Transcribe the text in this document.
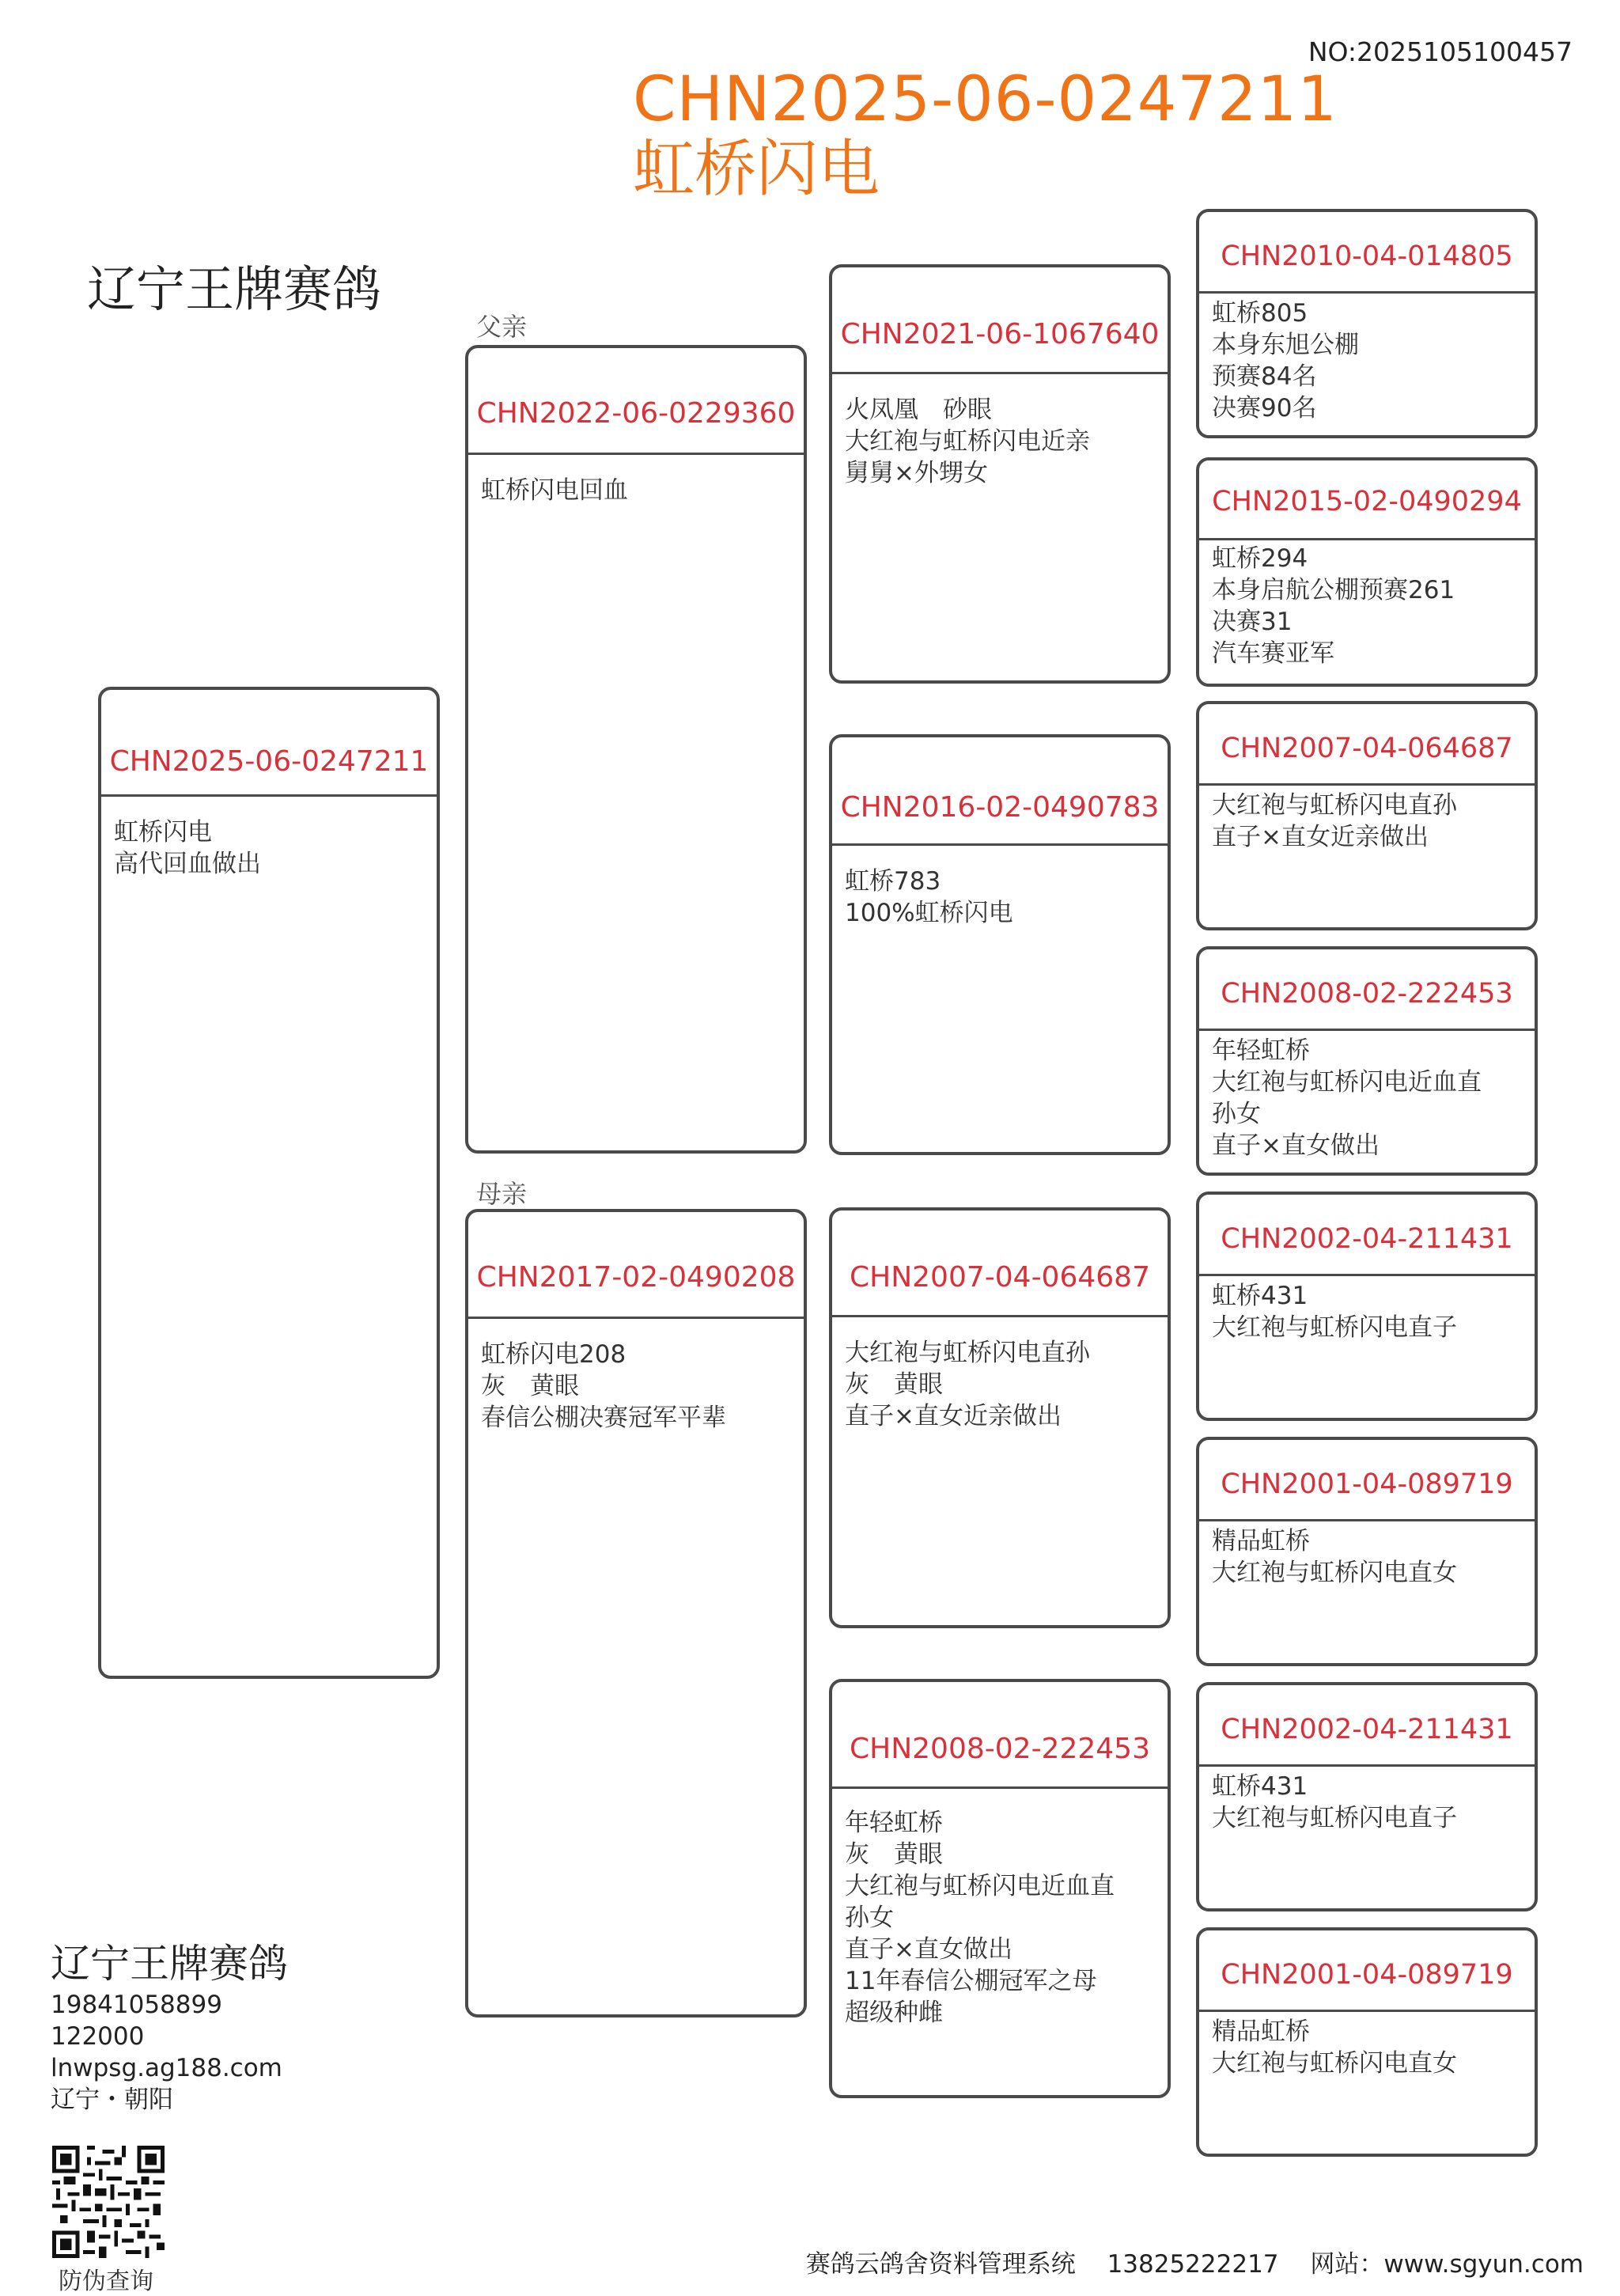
NO:2025105100457
CHN2025-06-0247211
虹桥闪电
辽宁王牌赛鸽
父亲
母亲
CHN2025-06-0247211
虹桥闪电
高代回血做出
CHN2022-06-0229360
虹桥闪电回血
CHN2017-02-0490208
虹桥闪电208
灰　黄眼
春信公棚决赛冠军平辈
CHN2021-06-1067640
火凤凰　砂眼
大红袍与虹桥闪电近亲
舅舅×外甥女
CHN2016-02-0490783
虹桥783
100%虹桥闪电
CHN2007-04-064687
大红袍与虹桥闪电直孙
灰　黄眼
直子×直女近亲做出
CHN2008-02-222453
年轻虹桥
灰　黄眼
大红袍与虹桥闪电近血直
孙女
直子×直女做出
11年春信公棚冠军之母
超级种雌
CHN2010-04-014805
虹桥805
本身东旭公棚
预赛84名
决赛90名
CHN2015-02-0490294
虹桥294
本身启航公棚预赛261
决赛31
汽车赛亚军
CHN2007-04-064687
大红袍与虹桥闪电直孙
直子×直女近亲做出
CHN2008-02-222453
年轻虹桥
大红袍与虹桥闪电近血直
孙女
直子×直女做出
CHN2002-04-211431
虹桥431
大红袍与虹桥闪电直子
CHN2001-04-089719
精品虹桥
大红袍与虹桥闪电直女
CHN2002-04-211431
虹桥431
大红袍与虹桥闪电直子
CHN2001-04-089719
精品虹桥
大红袍与虹桥闪电直女
辽宁王牌赛鸽
19841058899
122000
lnwpsg.ag188.com
辽宁・朝阳
防伪查询
赛鸽云鸽舍资料管理系统 13825222217 网站：www.sgyun.com
